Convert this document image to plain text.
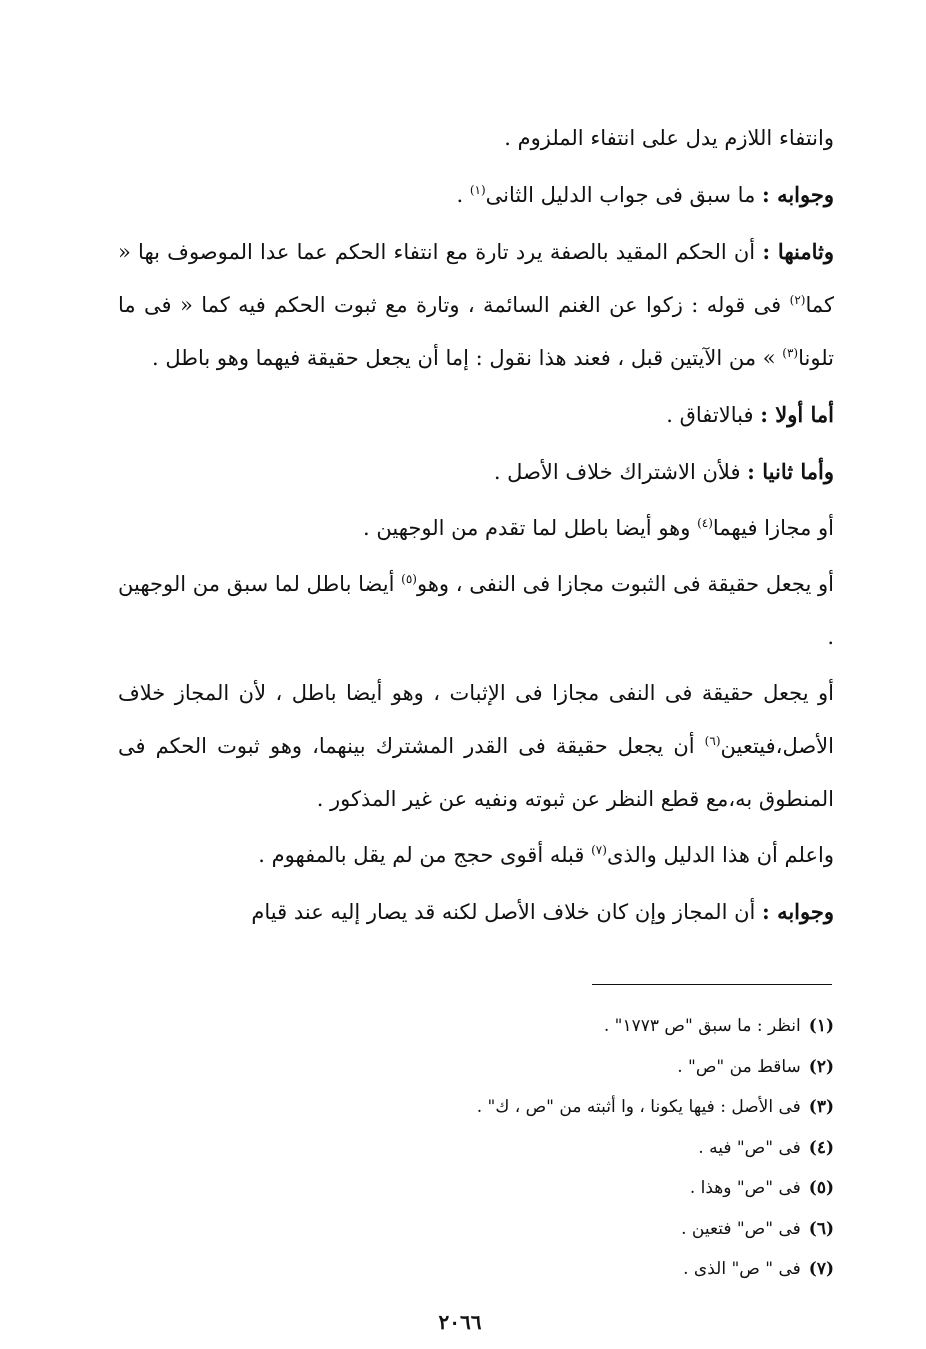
وانتفاء اللازم يدل على انتفاء الملزوم .

وجوابه : ما سبق فى جواب الدليل الثانى$^{(١)}$ .

وثامنها : أن الحكم المقيد بالصفة يرد تارة مع انتفاء الحكم عما عدا الموصوف بها « كما$^{(٢)}$ فى قوله : زكوا عن الغنم السائمة ، وتارة مع ثبوت الحكم فيه كما « فى ما تلونا$^{(٣)}$ » من الآيتين قبل ، فعند هذا نقول : إما أن يجعل حقيقة فيهما وهو باطل .

أما أولا : فبالاتفاق .

وأما ثانيا : فلأن الاشتراك خلاف الأصل .

أو مجازا فيهما$^{(٤)}$ وهو أيضا باطل لما تقدم من الوجهين .

أو يجعل حقيقة فى الثبوت مجازا فى النفى ، وهو$^{(٥)}$ أيضا باطل لما سبق من الوجهين .

أو يجعل حقيقة فى النفى مجازا فى الإثبات ، وهو أيضا باطل ، لأن المجاز خلاف الأصل،فيتعين$^{(٦)}$ أن يجعل حقيقة فى القدر المشترك بينهما، وهو ثبوت الحكم فى المنطوق به،مع قطع النظر عن ثبوته ونفيه عن غير المذكور .

واعلم أن هذا الدليل والذى$^{(٧)}$ قبله أقوى حجج من لم يقل بالمفهوم .

وجوابه : أن المجاز وإن كان خلاف الأصل لكنه قد يصار إليه عند قيام

(١)انظر : ما سبق "ص ١٧٧٣" .
(٢)ساقط من "ص" .
(٣)فى الأصل : فيها يكونا ، وا أثبته من "ص ، ك" .
(٤)فى "ص" فيه .
(٥)فى "ص" وهذا .
(٦)فى "ص" فتعين .
(٧)فى " ص" الذى .
٢٠٦٦
